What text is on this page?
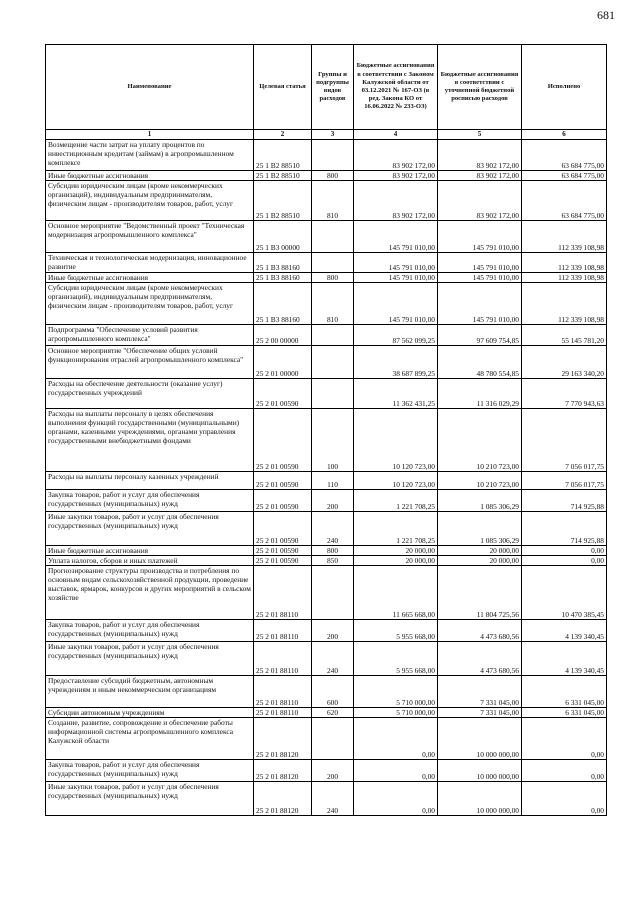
681
Наименование	Целевая статья	Группы и подгруппы видов расходов	Бюджетные ассигнования в соответствии с Законом Калужской области от 03.12.2021 № 167-ОЗ (в ред. Закона КО от 16.06.2022 № 233-ОЗ)	Бюджетные ассигнования в соответствии с уточненной бюджетной росписью расходов	Исполнено
1	2	3	4	5	6
Возмещение части затрат на уплату процентов по инвестиционным кредитам (займам) в агропромышленном комплексе	25 1 В2 88510		83 902 172,00	83 902 172,00	63 684 775,00
Иные бюджетные ассигнования	25 1 В2 88510	800	83 902 172,00	83 902 172,00	63 684 775,00
Субсидии юридическим лицам (кроме некоммерческих организаций), индивидуальным предпринимателям, физическим лицам - производителям товаров, работ, услуг	25 1 В2 88510	810	83 902 172,00	83 902 172,00	63 684 775,00
Основное мероприятие "Ведомственный проект "Техническая модернизация агропромышленного комплекса"	25 1 В3 00000		145 791 010,00	145 791 010,00	112 339 108,98
Техническая и технологическая модернизация, инновационное развитие	25 1 В3 88160		145 791 010,00	145 791 010,00	112 339 108,98
Иные бюджетные ассигнования	25 1 В3 88160	800	145 791 010,00	145 791 010,00	112 339 108,98
Субсидии юридическим лицам (кроме некоммерческих организаций), индивидуальным предпринимателям, физическим лицам - производителям товаров, работ, услуг	25 1 В3 88160	810	145 791 010,00	145 791 010,00	112 339 108,98
Подпрограмма "Обеспечение условий развития агропромышленного комплекса"	25 2 00 00000		87 562 099,25	97 609 754,85	55 145 781,20
Основное мероприятие "Обеспечение общих условий функционирования отраслей агропромышленного комплекса"	25 2 01 00000		38 687 899,25	48 780 554,85	29 163 340,20
Расходы на обеспечение деятельности (оказание услуг) государственных учреждений	25 2 01 00590		11 362 431,25	11 316 029,29	7 770 943,63
Расходы на выплаты персоналу в целях обеспечения выполнения функций государственными (муниципальными) органами, казенными учреждениями, органами управления государственными внебюджетными фондами	25 2 01 00590	100	10 120 723,00	10 210 723,00	7 056 017,75
Расходы на выплаты персоналу казенных учреждений	25 2 01 00590	110	10 120 723,00	10 210 723,00	7 056 017,75
Закупка товаров, работ и услуг для обеспечения государственных (муниципальных) нужд	25 2 01 00590	200	1 221 708,25	1 085 306,29	714 925,88
Иные закупки товаров, работ и услуг для обеспечения государственных (муниципальных) нужд	25 2 01 00590	240	1 221 708,25	1 085 306,29	714 925,88
Иные бюджетные ассигнования	25 2 01 00590	800	20 000,00	20 000,00	0,00
Уплата налогов, сборов и иных платежей	25 2 01 00590	850	20 000,00	20 000,00	0,00
Прогнозирование структуры производства и потребления по основным видам сельскохозяйственной продукции, проведение выставок, ярмарок, конкурсов и других мероприятий в сельском хозяйстве	25 2 01 88110		11 665 668,00	11 804 725,56	10 470 385,45
Закупка товаров, работ и услуг для обеспечения государственных (муниципальных) нужд	25 2 01 88110	200	5 955 668,00	4 473 680,56	4 139 340,45
Иные закупки товаров, работ и услуг для обеспечения государственных (муниципальных) нужд	25 2 01 88110	240	5 955 668,00	4 473 680,56	4 139 340,45
Предоставление субсидий бюджетным, автономным учреждениям и иным некоммерческим организациям	25 2 01 88110	600	5 710 000,00	7 331 045,00	6 331 045,00
Субсидии автономным учреждениям	25 2 01 88110	620	5 710 000,00	7 331 045,00	6 331 045,00
Создание, развитие, сопровождение и обеспечение работы информационной системы агропромышленного комплекса Калужской области	25 2 01 88120		0,00	10 000 000,00	0,00
Закупка товаров, работ и услуг для обеспечения государственных (муниципальных) нужд	25 2 01 88120	200	0,00	10 000 000,00	0,00
Иные закупки товаров, работ и услуг для обеспечения государственных (муниципальных) нужд	25 2 01 88120	240	0,00	10 000 000,00	0,00
